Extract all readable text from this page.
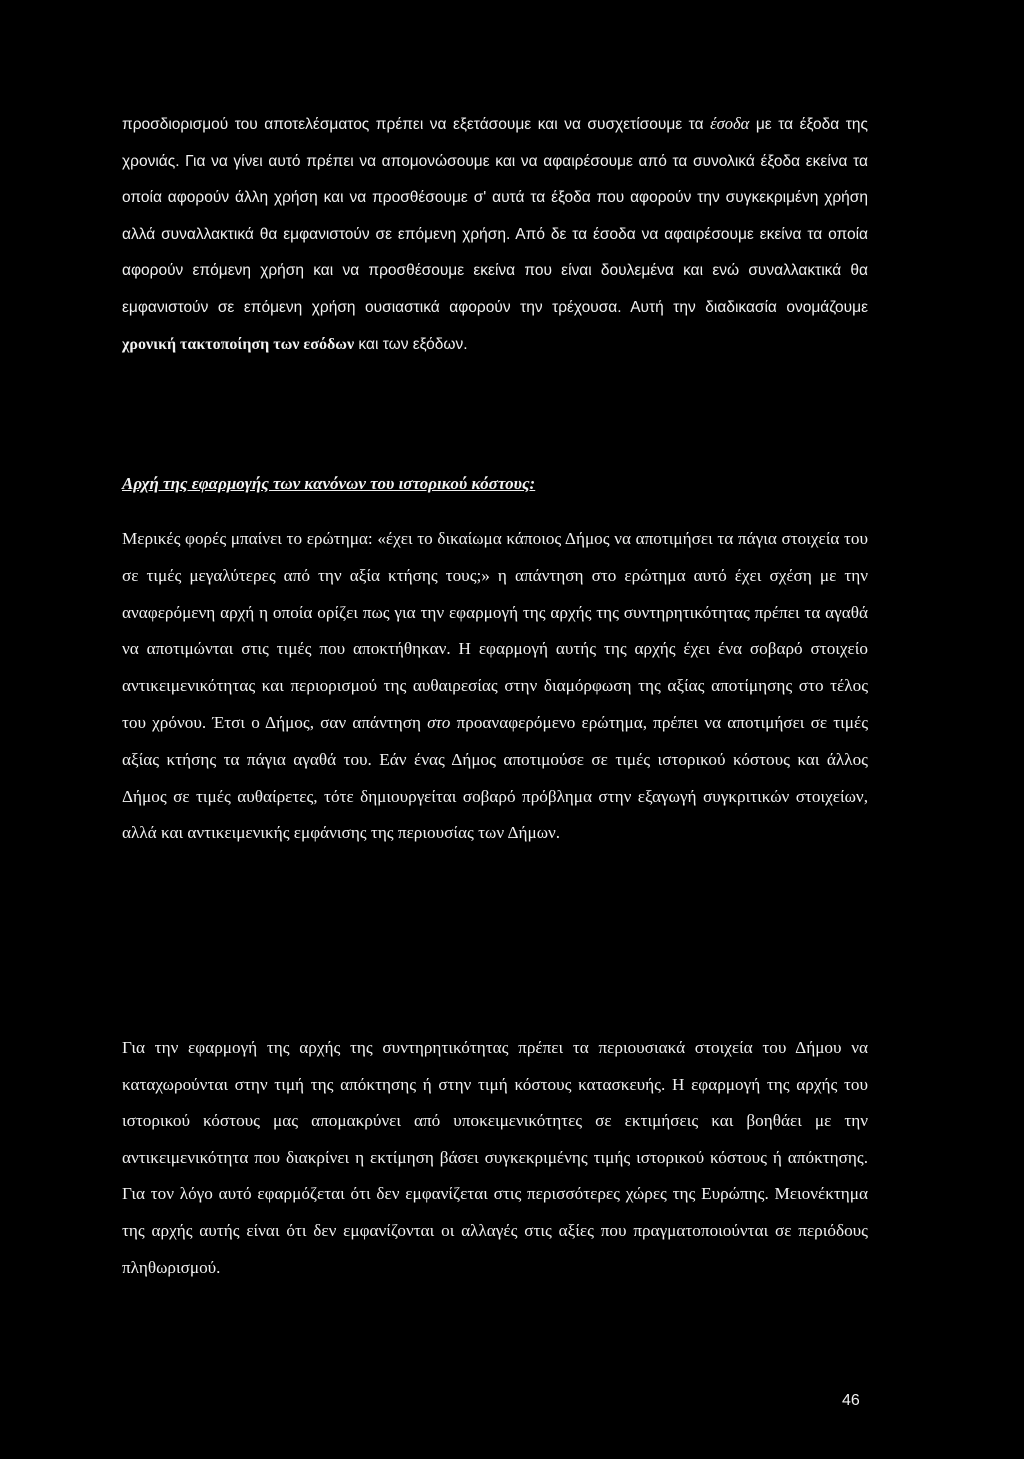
προσδιορισμού του αποτελέσματος πρέπει να εξετάσουμε και να συσχετίσουμε τα έσοδα με τα έξοδα της χρονιάς. Για να γίνει αυτό πρέπει να απομονώσουμε και να αφαιρέσουμε από τα συνολικά έξοδα εκείνα τα οποία αφορούν άλλη χρήση και να προσθέσουμε σ' αυτά τα έξοδα που αφορούν την συγκεκριμένη χρήση αλλά συναλλακτικά θα εμφανιστούν σε επόμενη χρήση. Από δε τα έσοδα να αφαιρέσουμε εκείνα τα οποία αφορούν επόμενη χρήση και να προσθέσουμε εκείνα που είναι δουλεμένα και ενώ συναλλακτικά θα εμφανιστούν σε επόμενη χρήση ουσιαστικά αφορούν την τρέχουσα. Αυτή την διαδικασία ονομάζουμε χρονική τακτοποίηση των εσόδων και των εξόδων.

Αρχή της εφαρμογής των κανόνων του ιστορικού κόστους:

Μερικές φορές μπαίνει το ερώτημα: «έχει το δικαίωμα κάποιος Δήμος να αποτιμήσει τα πάγια στοιχεία του σε τιμές μεγαλύτερες από την αξία κτήσης τους;» η απάντηση στο ερώτημα αυτό έχει σχέση με την αναφερόμενη αρχή η οποία ορίζει πως για την εφαρμογή της αρχής της συντηρητικότητας πρέπει τα αγαθά να αποτιμώνται στις τιμές που αποκτήθηκαν. Η εφαρμογή αυτής της αρχής έχει ένα σοβαρό στοιχείο αντικειμενικότητας και περιορισμού της αυθαιρεσίας στην διαμόρφωση της αξίας αποτίμησης στο τέλος του χρόνου. Έτσι ο Δήμος, σαν απάντηση στο προαναφερόμενο ερώτημα, πρέπει να αποτιμήσει σε τιμές αξίας κτήσης τα πάγια αγαθά του. Εάν ένας Δήμος αποτιμούσε σε τιμές ιστορικού κόστους και άλλος Δήμος σε τιμές αυθαίρετες, τότε δημιουργείται σοβαρό πρόβλημα στην εξαγωγή συγκριτικών στοιχείων, αλλά και αντικειμενικής εμφάνισης της περιουσίας των Δήμων.

Για την εφαρμογή της αρχής της συντηρητικότητας πρέπει τα περιουσιακά στοιχεία του Δήμου να καταχωρούνται στην τιμή της απόκτησης ή στην τιμή κόστους κατασκευής. Η εφαρμογή της αρχής του ιστορικού κόστους μας απομακρύνει από υποκειμενικότητες σε εκτιμήσεις και βοηθάει με την αντικειμενικότητα που διακρίνει η εκτίμηση βάσει συγκεκριμένης τιμής ιστορικού κόστους ή απόκτησης. Για τον λόγο αυτό εφαρμόζεται ότι δεν εμφανίζεται στις περισσότερες χώρες της Ευρώπης. Μειονέκτημα της αρχής αυτής είναι ότι δεν εμφανίζονται οι αλλαγές στις αξίες που πραγματοποιούνται σε περιόδους πληθωρισμού.

46
